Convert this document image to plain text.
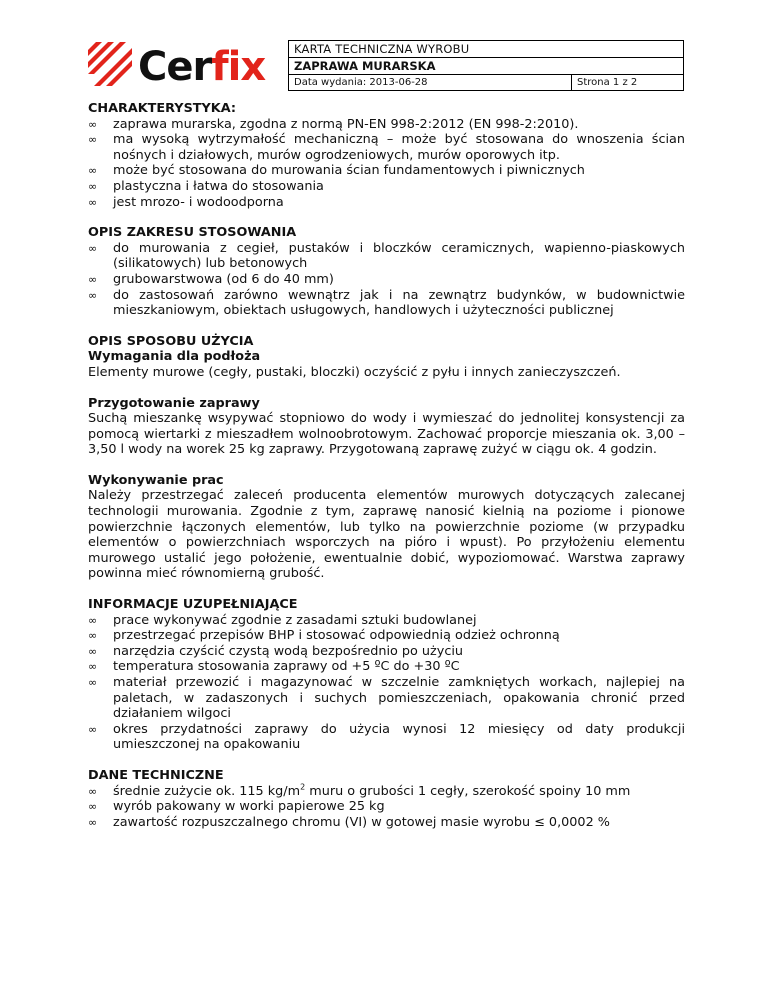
Cerfix	KARTA TECHNICZNA WYROBU
ZAPRAWA MURARSKA
Data wydania: 2013-06-28	Strona 1 z 2

CHARAKTERYSTYKA:

∞ zaprawa murarska, zgodna z normą PN-EN 998-2:2012 (EN 998-2:2010).
∞ ma wysoką wytrzymałość mechaniczną – może być stosowana do wnoszenia ścian nośnych i działowych, murów ogrodzeniowych, murów oporowych itp.
∞ może być stosowana do murowania ścian fundamentowych i piwnicznych
∞ plastyczna i łatwa do stosowania
∞ jest mrozo- i wodoodporna

OPIS ZAKRESU STOSOWANIA

∞ do murowania z cegieł, pustaków i bloczków ceramicznych, wapienno-piaskowych (silikatowych) lub betonowych
∞ grubowarstwowa (od 6 do 40 mm)
∞ do zastosowań zarówno wewnątrz jak i na zewnątrz budynków, w budownictwie mieszkaniowym, obiektach usługowych, handlowych i użyteczności publicznej

OPIS SPOSOBU UŻYCIA

Wymagania dla podłoża

Elementy murowe (cegły, pustaki, bloczki) oczyścić z pyłu i innych zanieczyszczeń.

Przygotowanie zaprawy

Suchą mieszankę wsypywać stopniowo do wody i wymieszać do jednolitej konsystencji za pomocą wiertarki z mieszadłem wolnoobrotowym. Zachować proporcje mieszania ok. 3,00 – 3,50 l wody na worek 25 kg zaprawy. Przygotowaną zaprawę zużyć w ciągu ok. 4 godzin.

Wykonywanie prac

Należy przestrzegać zaleceń producenta elementów murowych dotyczących zalecanej technologii murowania. Zgodnie z tym, zaprawę nanosić kielnią na poziome i pionowe powierzchnie łączonych elementów, lub tylko na powierzchnie poziome (w przypadku elementów o powierzchniach wsporczych na pióro i wpust). Po przyłożeniu elementu murowego ustalić jego położenie, ewentualnie dobić, wypoziomować. Warstwa zaprawy powinna mieć równomierną grubość.

INFORMACJE UZUPEŁNIAJĄCE

∞ prace wykonywać zgodnie z zasadami sztuki budowlanej
∞ przestrzegać przepisów BHP i stosować odpowiednią odzież ochronną
∞ narzędzia czyścić czystą wodą bezpośrednio po użyciu
∞ temperatura stosowania zaprawy od +5 ºC do +30 ºC
∞ materiał przewozić i magazynować w szczelnie zamkniętych workach, najlepiej na paletach, w zadaszonych i suchych pomieszczeniach, opakowania chronić przed działaniem wilgoci
∞ okres przydatności zaprawy do użycia wynosi 12 miesięcy od daty produkcji umieszczonej na opakowaniu

DANE TECHNICZNE

∞ średnie zużycie ok. 115 $kg/m^2$ muru o grubości 1 cegły, szerokość spoiny 10 mm
∞ wyrób pakowany w worki papierowe 25 kg
∞ zawartość rozpuszczalnego chromu (VI) w gotowej masie wyrobu ≤ 0,0002 %
